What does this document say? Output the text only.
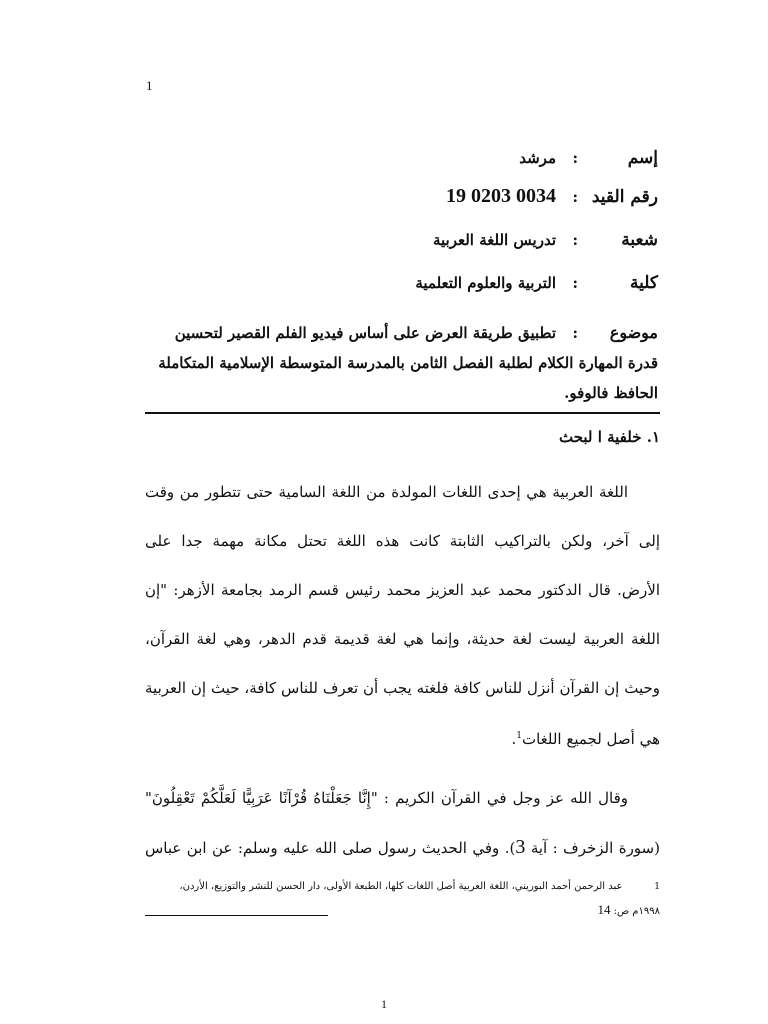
1
إسم
:
مرشد
رقم القيد
:
19 0203 0034
شعبة
:
تدريس اللغة العربية
كلية
:
التربية والعلوم التعلمية
موضوع:تطبيق طريقة العرض على أساس فيديو الفلم القصير لتحسين قدرة المهارة الكلام لطلبة الفصل الثامن بالمدرسة المتوسطة الإسلامية المتكاملة الحافظ فالوفو.
١. خلفية ا لبحث
اللغة العربية هي إحدى اللغات المولدة من اللغة السامية حتى تتطور من وقت
إلى آخر، ولكن بالتراكيب الثابتة كانت هذه اللغة تحتل مكانة مهمة جدا على
الأرض. قال الدكتور محمد عبد العزيز محمد رئيس قسم الرمد بجامعة الأزهر: "إن
اللغة العربية ليست لغة حديثة، وإنما هي لغة قديمة قدم الدهر، وهي لغة القرآن،
وحيث إن القرآن أنزل للناس كافة فلغته يجب أن تعرف للناس كافة، حيث إن العربية
هي أصل لجميع اللغات$^1$.
وقال الله عز وجل في القرآن الكريم : "إِنَّا جَعَلْنَاهُ قُرْآنًا عَرَبِيًّا لَعَلَّكُمْ تَعْقِلُونَ"
(سورة الزخرف : آية 3). وفي الحديث رسول صلى الله عليه وسلم: عن ابن عباس
1          عبد الرحمن أحمد البوريني، اللغة العربية أصل اللغات كلها، الطبعة الأولى، دار الحسن للنشر والتوزيع، الأردن،
١٩٩٨م ص: 14
1
